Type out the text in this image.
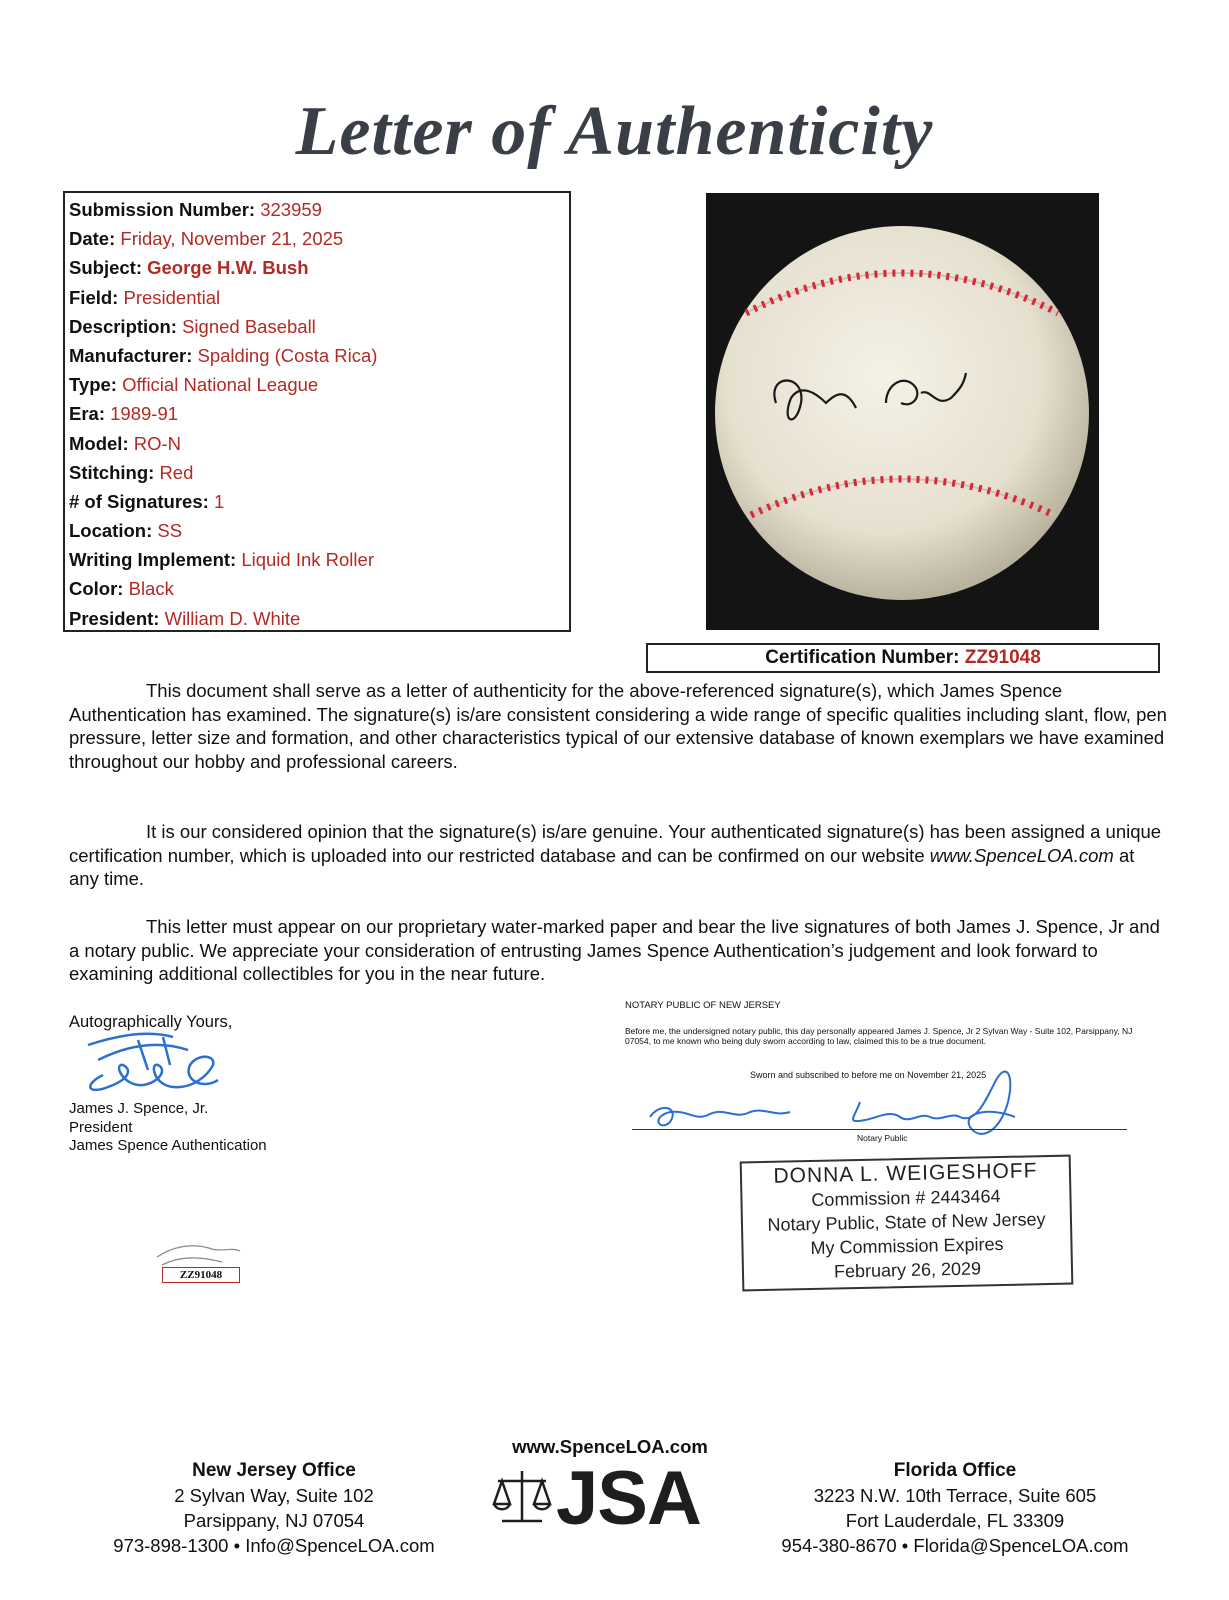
Letter of Authenticity
Submission Number: 323959
Date: Friday, November 21, 2025
Subject: George H.W. Bush
Field: Presidential
Description: Signed Baseball
Manufacturer: Spalding (Costa Rica)
Type: Official National League
Era: 1989-91
Model: RO-N
Stitching: Red
# of Signatures: 1
Location: SS
Writing Implement: Liquid Ink Roller
Color: Black
President: William D. White
Certification Number: ZZ91048
This document shall serve as a letter of authenticity for the above-referenced signature(s), which James Spence Authentication has examined. The signature(s) is/are consistent considering a wide range of specific qualities including slant, flow, pen pressure, letter size and formation, and other characteristics typical of our extensive database of known exemplars we have examined throughout our hobby and professional careers.
It is our considered opinion that the signature(s) is/are genuine. Your authenticated signature(s) has been assigned a unique certification number, which is uploaded into our restricted database and can be confirmed on our website www.SpenceLOA.com at any time.
This letter must appear on our proprietary water-marked paper and bear the live signatures of both James J. Spence, Jr and a notary public. We appreciate your consideration of entrusting James Spence Authentication’s judgement and look forward to examining additional collectibles for you in the near future.
Autographically Yours,
James J. Spence, Jr.
President
James Spence Authentication
ZZ91048
NOTARY PUBLIC OF NEW JERSEY
Before me, the undersigned notary public, this day personally appeared James J. Spence, Jr 2 Sylvan Way - Suite 102, Parsippany, NJ 07054, to me known who being duly sworn according to law, claimed this to be a true document.
Sworn and subscribed to before me on November 21, 2025
Notary Public
DONNA L. WEIGESHOFF
Commission # 2443464
Notary Public, State of New Jersey
My Commission Expires
February 26, 2029
www.SpenceLOA.com
JSA
New Jersey Office
2 Sylvan Way, Suite 102
Parsippany, NJ 07054
973-898-1300 • Info@SpenceLOA.com
Florida Office
3223 N.W. 10th Terrace, Suite 605
Fort Lauderdale, FL 33309
954-380-8670 • Florida@SpenceLOA.com
